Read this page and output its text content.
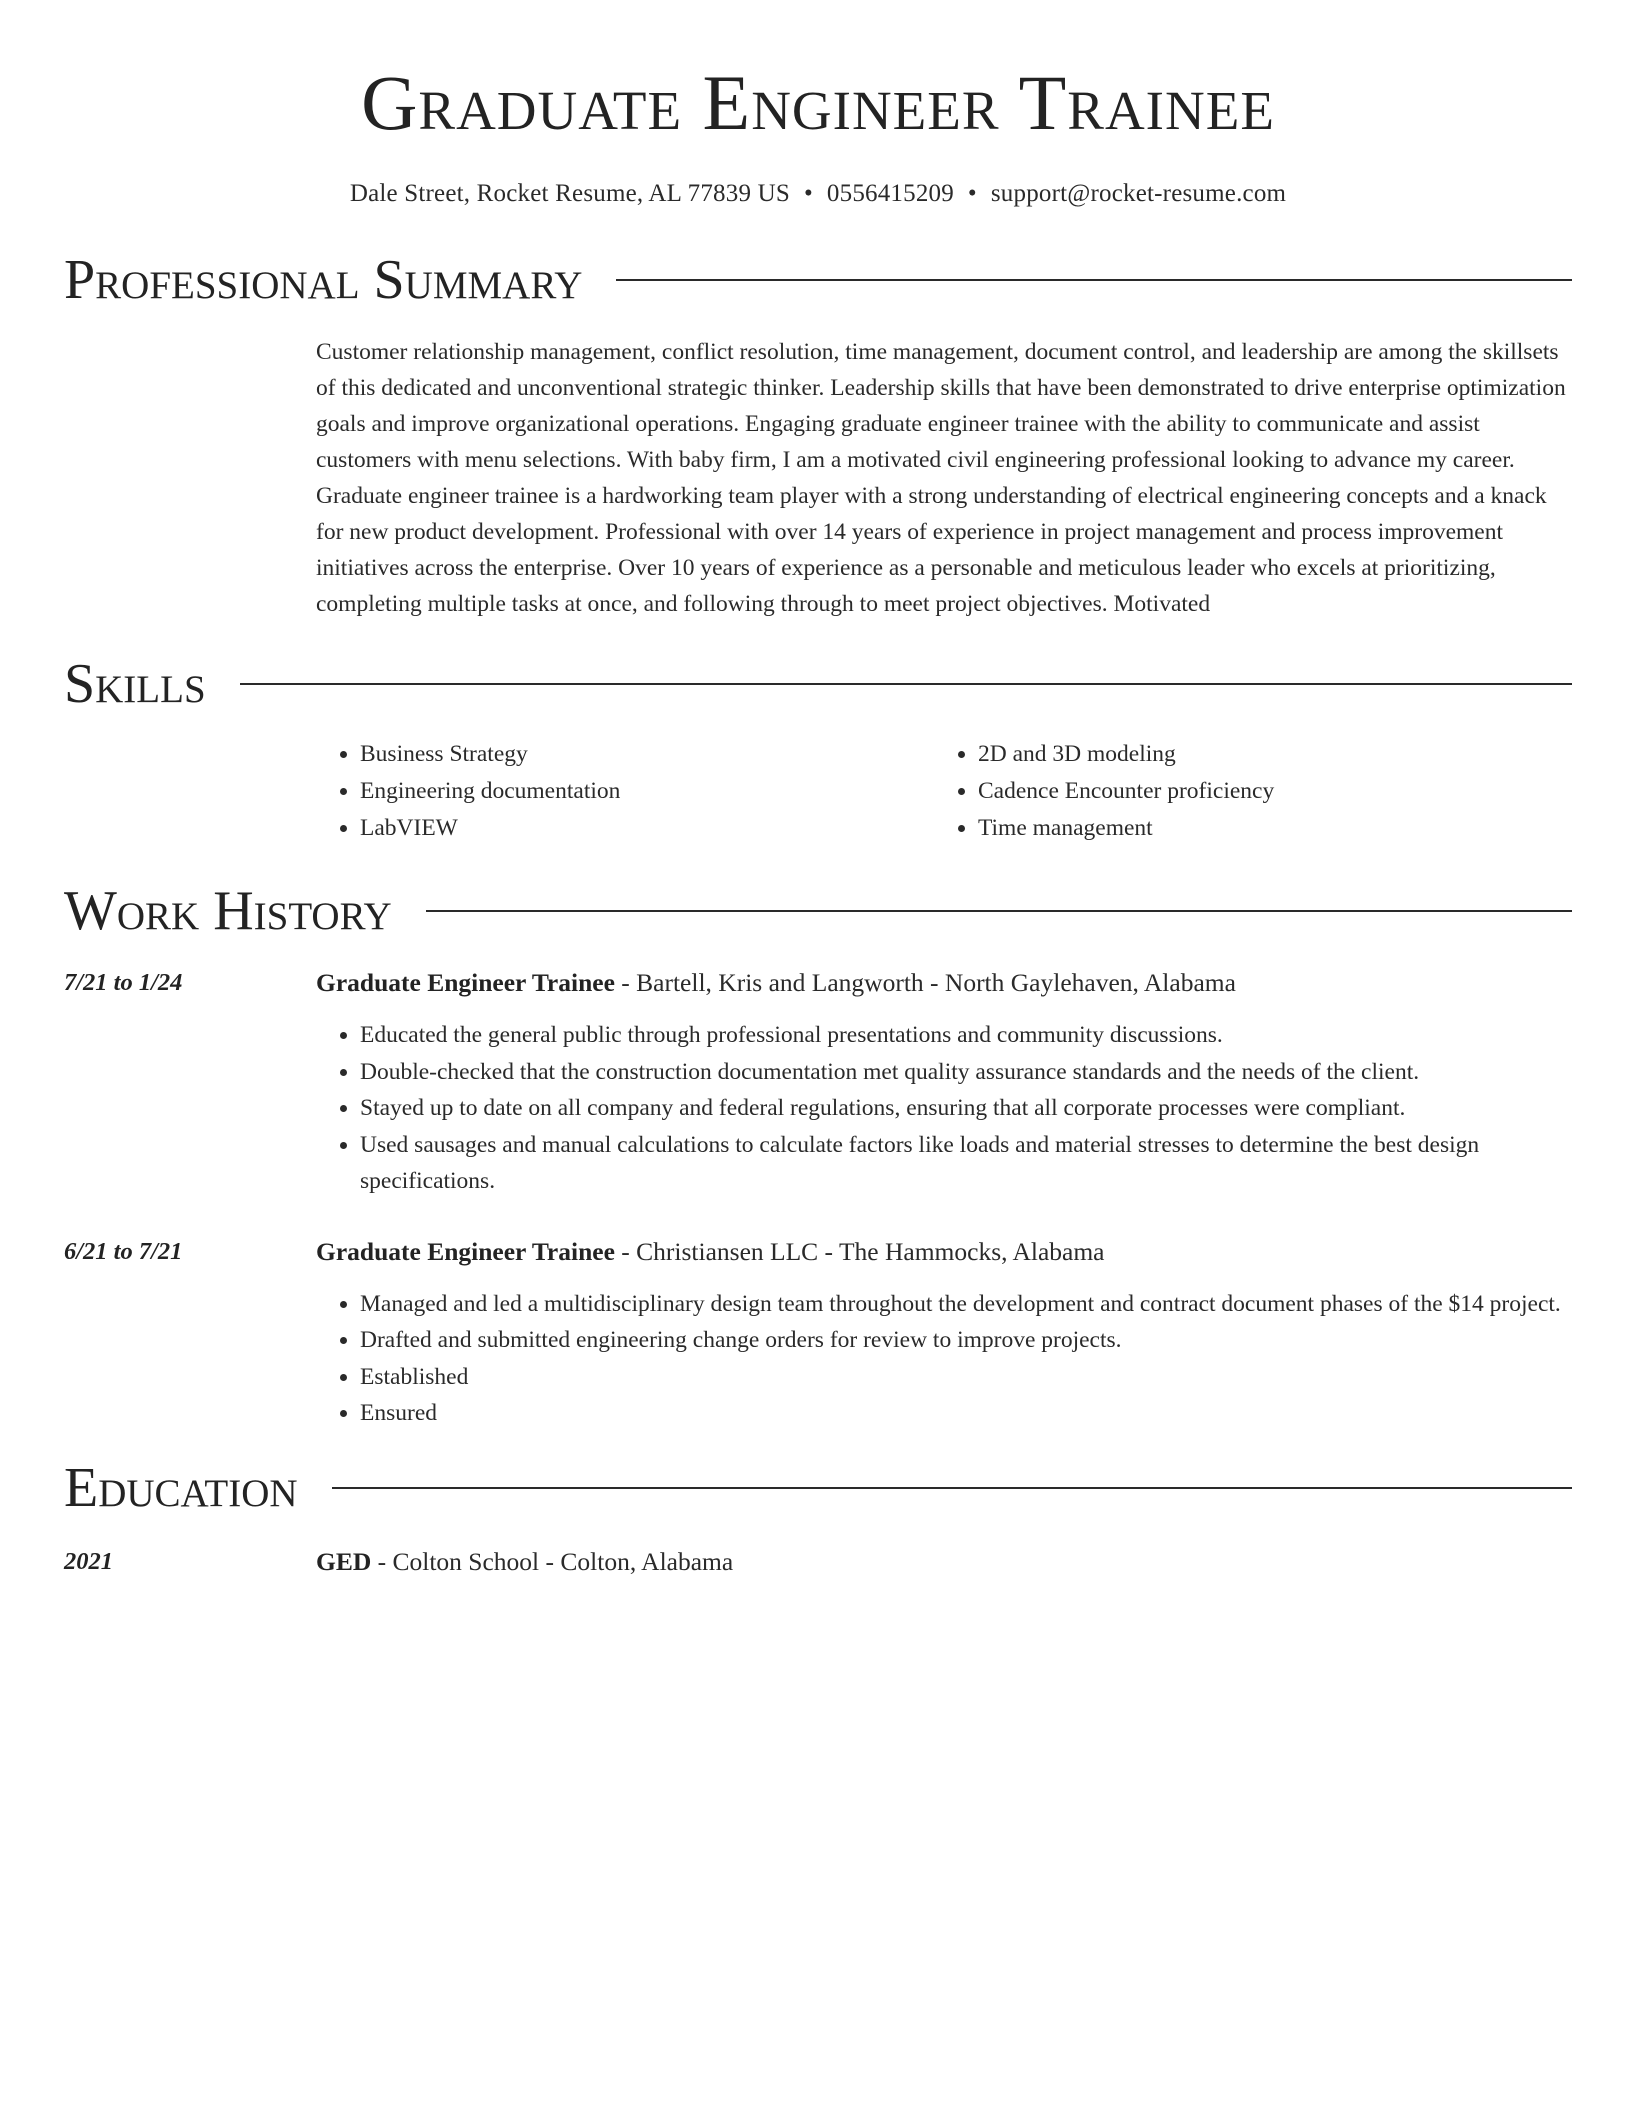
Graduate Engineer Trainee
Dale Street, Rocket Resume, AL 77839 US • 0556415209 • support@rocket-resume.com
Professional Summary
Customer relationship management, conflict resolution, time management, document control, and leadership are among the skillsets of this dedicated and unconventional strategic thinker. Leadership skills that have been demonstrated to drive enterprise optimization goals and improve organizational operations. Engaging graduate engineer trainee with the ability to communicate and assist customers with menu selections. With baby firm, I am a motivated civil engineering professional looking to advance my career. Graduate engineer trainee is a hardworking team player with a strong understanding of electrical engineering concepts and a knack for new product development. Professional with over 14 years of experience in project management and process improvement initiatives across the enterprise. Over 10 years of experience as a personable and meticulous leader who excels at prioritizing, completing multiple tasks at once, and following through to meet project objectives. Motivated
Skills
• Business Strategy
• Engineering documentation
• LabVIEW
• 2D and 3D modeling
• Cadence Encounter proficiency
• Time management
Work History
7/21 to 1/24	Graduate Engineer Trainee - Bartell, Kris and Langworth - North Gaylehaven, Alabama
• Educated the general public through professional presentations and community discussions.
• Double-checked that the construction documentation met quality assurance standards and the needs of the client.
• Stayed up to date on all company and federal regulations, ensuring that all corporate processes were compliant.
• Used sausages and manual calculations to calculate factors like loads and material stresses to determine the best design specifications.
6/21 to 7/21	Graduate Engineer Trainee - Christiansen LLC - The Hammocks, Alabama
• Managed and led a multidisciplinary design team throughout the development and contract document phases of the $14 project.
• Drafted and submitted engineering change orders for review to improve projects.
• Established
• Ensured
Education
2021	GED - Colton School - Colton, Alabama
